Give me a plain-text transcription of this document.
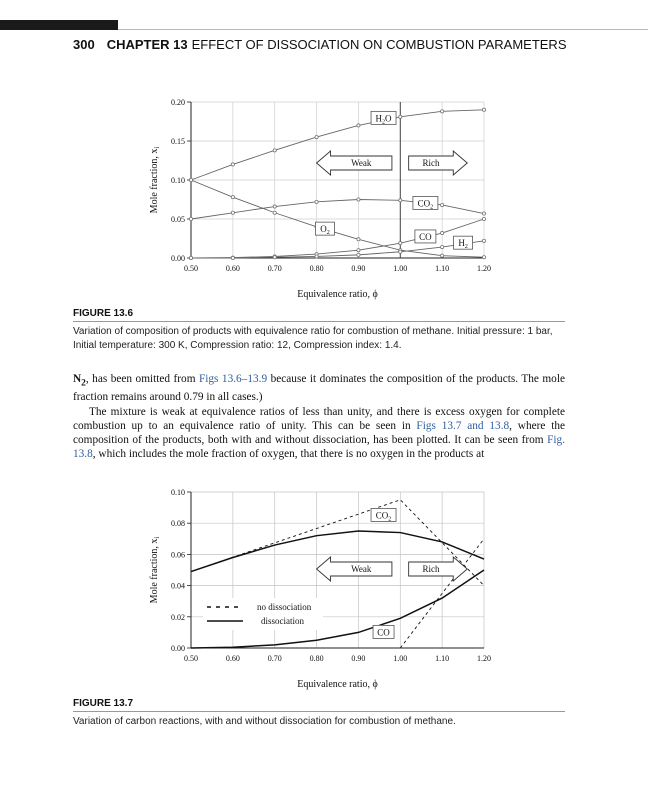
300 CHAPTER 13 EFFECT OF DISSOCIATION ON COMBUSTION PARAMETERS
0.50	0.60	0.70	0.80	0.90	1.00	1.10	1.20
0.00
0.05
0.10
0.15
0.20
Equivalence ratio, ϕ
Mole fraction, $x_i$
Weak	Rich
$H_2O$
$CO_2$
$O_2$	CO
$H_2$
FIGURE 13.6
Variation of composition of products with equivalence ratio for combustion of methane. Initial pressure: 1 bar, Initial temperature: 300 K, Compression ratio: 12, Compression index: 1.4.

$N_2$, has been omitted from Figs 13.6–13.9 because it dominates the composition of the products. The mole fraction remains around 0.79 in all cases.)

The mixture is weak at equivalence ratios of less than unity, and there is excess oxygen for complete combustion up to an equivalence ratio of unity. This can be seen in Figs 13.7 and 13.8, where the composition of the products, both with and without dissociation, has been plotted. It can be seen from Fig. 13.8, which includes the mole fraction of oxygen, that there is no oxygen in the products at

0.50	0.60	0.70	0.80	0.90	1.00	1.10	1.20
0.00
0.02
0.04
0.06
0.08
0.10
Equivalence ratio, ϕ
Mole fraction, $x_i$
Weak	Rich
$CO_2$
CO
no dissociation
dissociation
FIGURE 13.7
Variation of carbon reactions, with and without dissociation for combustion of methane.
